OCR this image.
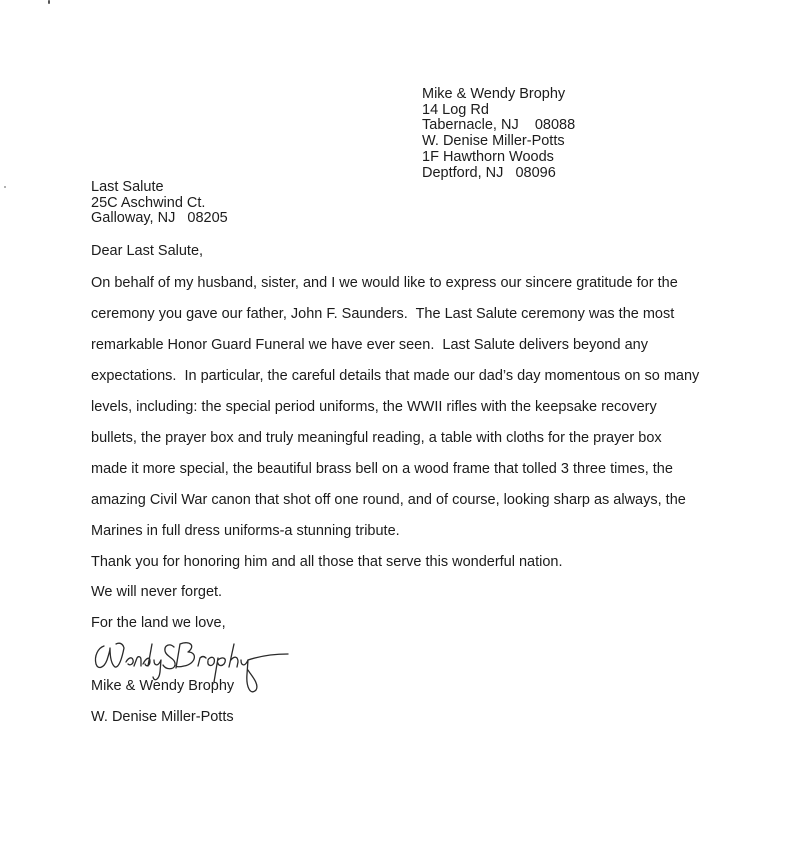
Mike & Wendy Brophy
14 Log Rd
Tabernacle, NJ    08088
W. Denise Miller-Potts
1F Hawthorn Woods
Deptford, NJ   08096
Last Salute
25C Aschwind Ct.
Galloway, NJ   08205
Dear Last Salute,
On behalf of my husband, sister, and I we would like to express our sincere gratitude for the
ceremony you gave our father, John F. Saunders.  The Last Salute ceremony was the most
remarkable Honor Guard Funeral we have ever seen.  Last Salute delivers beyond any
expectations.  In particular, the careful details that made our dad’s day momentous on so many
levels, including: the special period uniforms, the WWII rifles with the keepsake recovery
bullets, the prayer box and truly meaningful reading, a table with cloths for the prayer box
made it more special, the beautiful brass bell on a wood frame that tolled 3 three times, the
amazing Civil War canon that shot off one round, and of course, looking sharp as always, the
Marines in full dress uniforms-a stunning tribute.
Thank you for honoring him and all those that serve this wonderful nation.
We will never forget.
For the land we love,
Mike & Wendy Brophy
W. Denise Miller-Potts
